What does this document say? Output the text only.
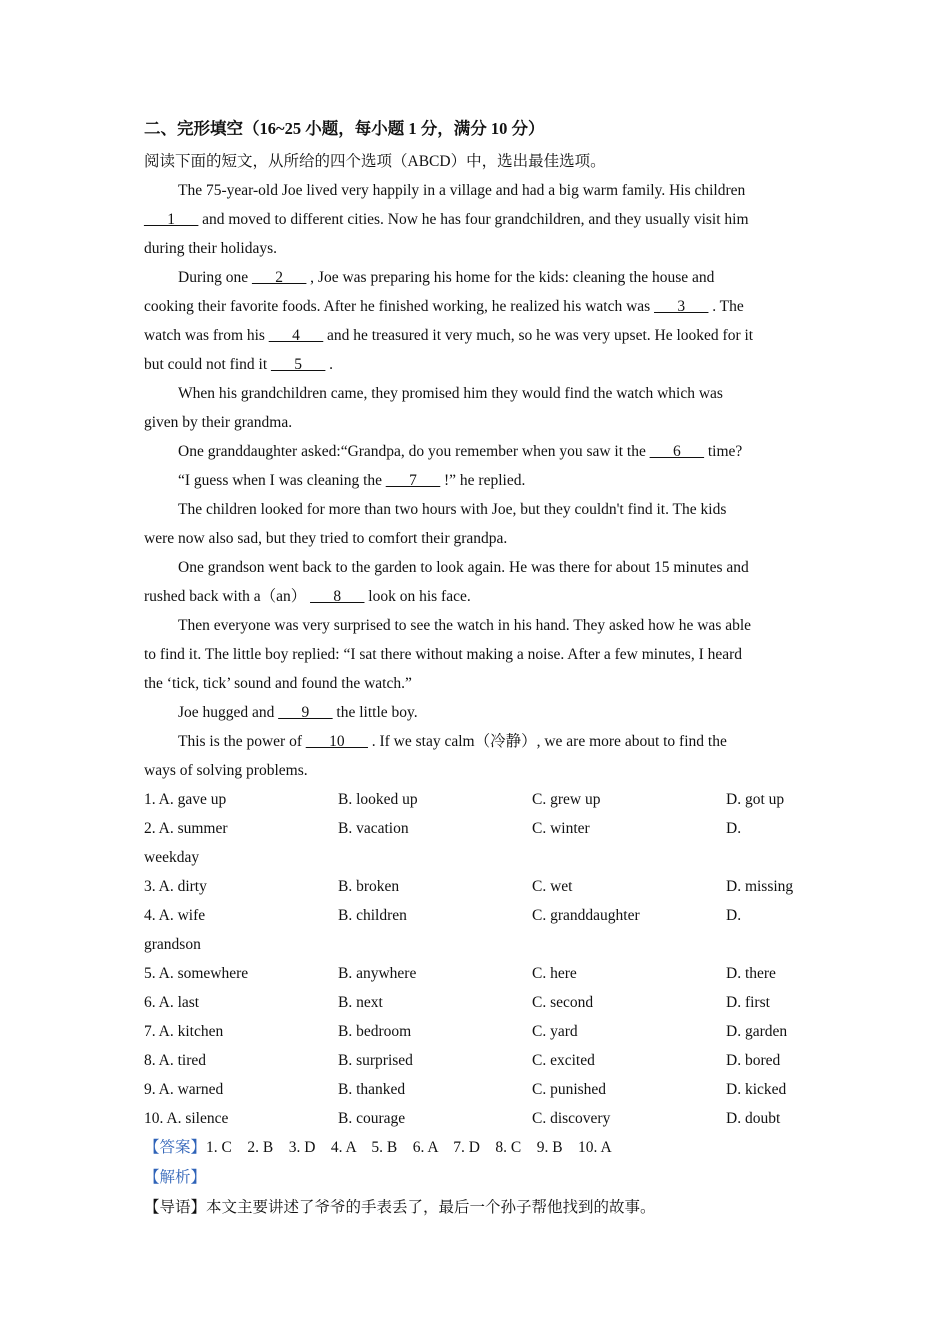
二、完形填空（16~25 小题，每小题 1 分，满分 10 分）

阅读下面的短文，从所给的四个选项（ABCD）中，选出最佳选项。

The 75-year-old Joe lived very happily in a village and had a big warm family. His children
___1___ and moved to different cities. Now he has four grandchildren, and they usually visit him
during their holidays.

During one ___2___ , Joe was preparing his home for the kids: cleaning the house and
cooking their favorite foods. After he finished working, he realized his watch was ___3___ . The
watch was from his ___4___ and he treasured it very much, so he was very upset. He looked for it
but could not find it ___5___ .

When his grandchildren came, they promised him they would find the watch which was
given by their grandma.

One granddaughter asked:“Grandpa, do you remember when you saw it the ___6___ time?

“I guess when I was cleaning the ___7___ !” he replied.

The children looked for more than two hours with Joe, but they couldn't find it. The kids
were now also sad, but they tried to comfort their grandpa.

One grandson went back to the garden to look again. He was there for about 15 minutes and
rushed back with a（an） ___8___ look on his face.

Then everyone was very surprised to see the watch in his hand. They asked how he was able
to find it. The little boy replied: “I sat there without making a noise. After a few minutes, I heard
the ‘tick, tick’ sound and found the watch.”

Joe hugged and ___9___ the little boy.

This is the power of ___10___ . If we stay calm（冷静）, we are more about to find the
ways of solving problems.

1. A. gave up	B. looked up	C. grew up	D. got up
2. A. summer	B. vacation	C. winter	D.
weekday
3. A. dirty	B. broken	C. wet	D. missing
4. A. wife	B. children	C. granddaughter	D.
grandson
5. A. somewhere	B. anywhere	C. here	D. there
6. A. last	B. next	C. second	D. first
7. A. kitchen	B. bedroom	C. yard	D. garden
8. A. tired	B. surprised	C. excited	D. bored
9. A. warned	B. thanked	C. punished	D. kicked
10. A. silence	B. courage	C. discovery	D. doubt
【答案】1. C    2. B    3. D    4. A    5. B    6. A    7. D    8. C    9. B    10. A
【解析】
【导语】本文主要讲述了爷爷的手表丢了，最后一个孙子帮他找到的故事。
